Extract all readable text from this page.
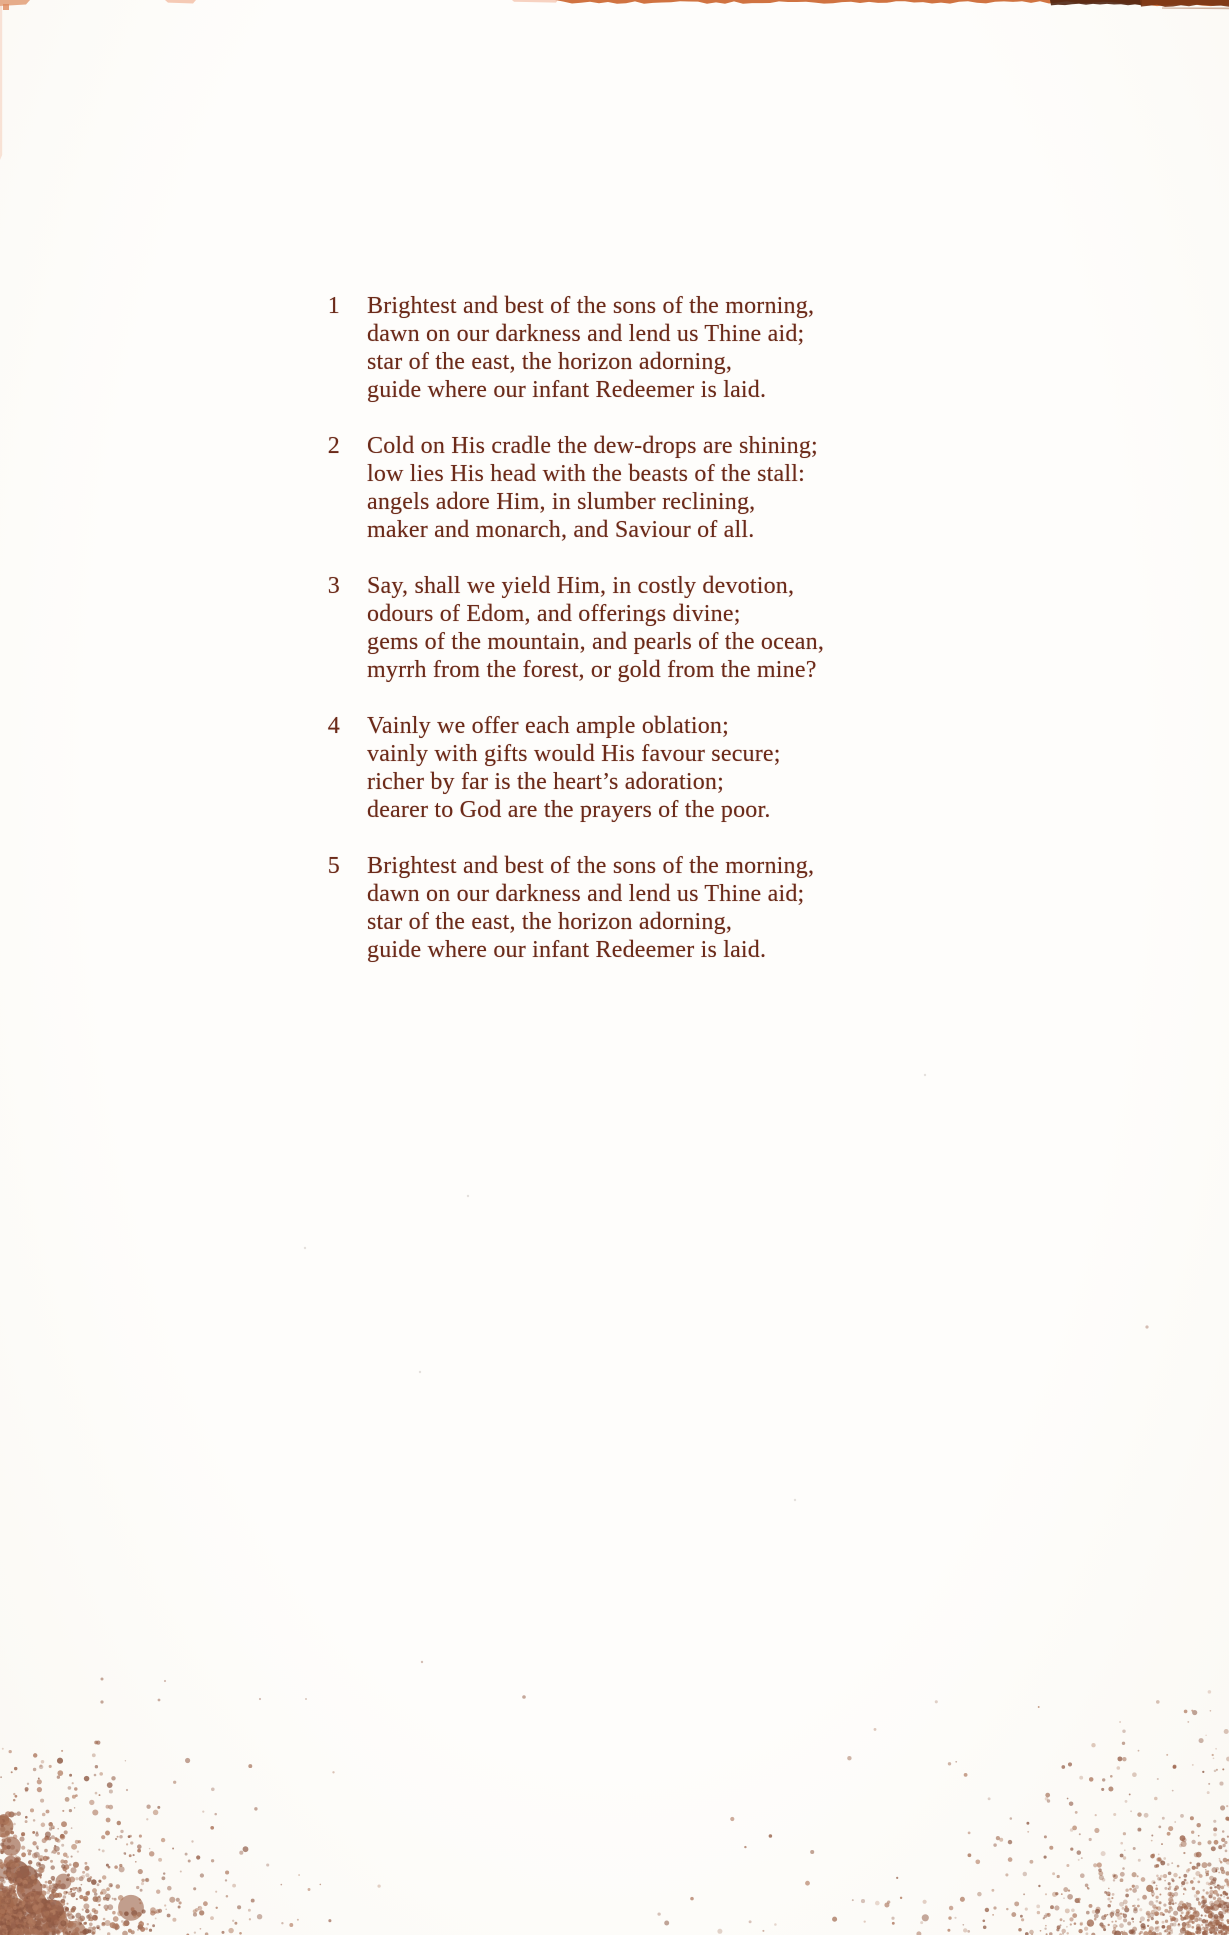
1 Brightest and best of the sons of the morning,
dawn on our darkness and lend us Thine aid;
star of the east, the horizon adorning,
guide where our infant Redeemer is laid.
2 Cold on His cradle the dew-drops are shining;
low lies His head with the beasts of the stall:
angels adore Him, in slumber reclining,
maker and monarch, and Saviour of all.
3 Say, shall we yield Him, in costly devotion,
odours of Edom, and offerings divine;
gems of the mountain, and pearls of the ocean,
myrrh from the forest, or gold from the mine?
4 Vainly we offer each ample oblation;
vainly with gifts would His favour secure;
richer by far is the heart’s adoration;
dearer to God are the prayers of the poor.
5 Brightest and best of the sons of the morning,
dawn on our darkness and lend us Thine aid;
star of the east, the horizon adorning,
guide where our infant Redeemer is laid.
